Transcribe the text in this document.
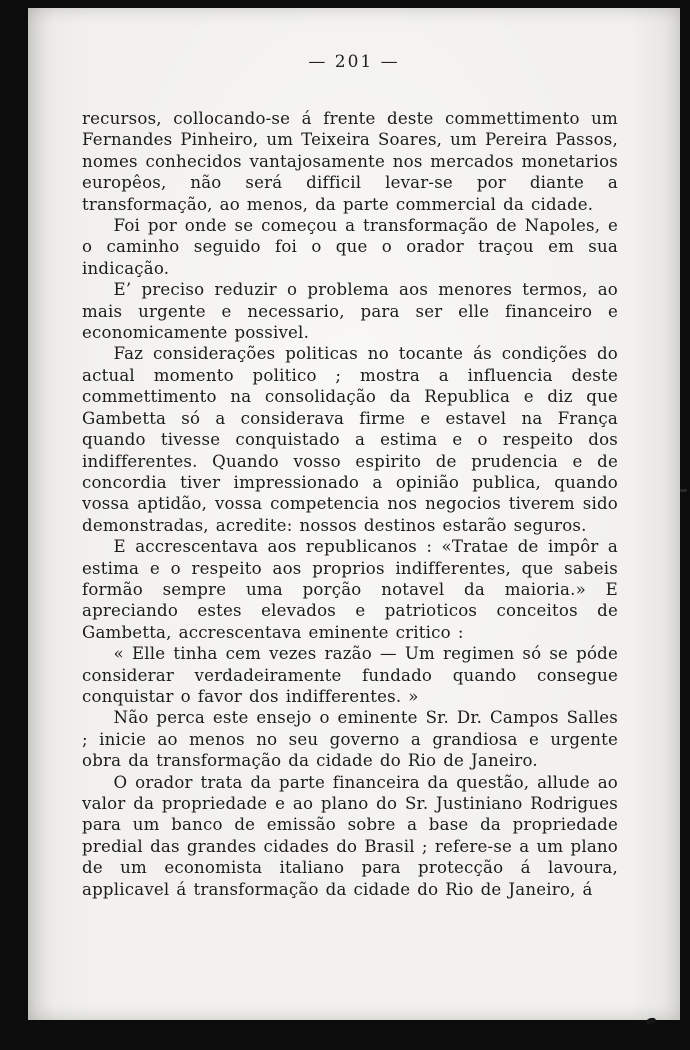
— 201 —

recursos, collocando-se á frente deste commettimento um Fernandes Pinheiro, um Teixeira Soares, um Pereira Passos, nomes conhecidos vantajosamente nos mercados monetarios europêos, não será difficil levar-se por diante a transformação, ao menos, da parte commercial da cidade.

Foi por onde se começou a transformação de Napoles, e o caminho seguido foi o que o orador traçou em sua indicação.

E’ preciso reduzir o problema aos menores termos, ao mais urgente e necessario, para ser elle financeiro e economicamente possivel.

Faz considerações politicas no tocante ás condições do actual momento politico ; mostra a influencia deste commettimento na consolidação da Republica e diz que Gambetta só a considerava firme e estavel na França quando tivesse conquistado a estima e o respeito dos indifferentes. Quando vosso espirito de prudencia e de concordia tiver impressionado a opinião publica, quando vossa aptidão, vossa competencia nos negocios tiverem sido demonstradas, acredite: nossos destinos estarão seguros.

E accrescentava aos republicanos : «Tratae de impôr a estima e o respeito aos proprios indifferentes, que sabeis formão sempre uma porção notavel da maioria.» E apreciando estes elevados e patrioticos conceitos de Gambetta, accrescentava eminente critico :

« Elle tinha cem vezes razão — Um regimen só se póde considerar verdadeiramente fundado quando consegue conquistar o favor dos indifferentes. »

Não perca este ensejo o eminente Sr. Dr. Campos Salles ; inicie ao menos no seu governo a grandiosa e urgente obra da transformação da cidade do Rio de Janeiro.

O orador trata da parte financeira da questão, allude ao valor da propriedade e ao plano do Sr. Justiniano Rodrigues para um banco de emissão sobre a base da propriedade predial das grandes cidades do Brasil ; refere-se a um plano de um economista italiano para protecção á lavoura, applicavel á transformação da cidade do Rio de Janeiro, á
